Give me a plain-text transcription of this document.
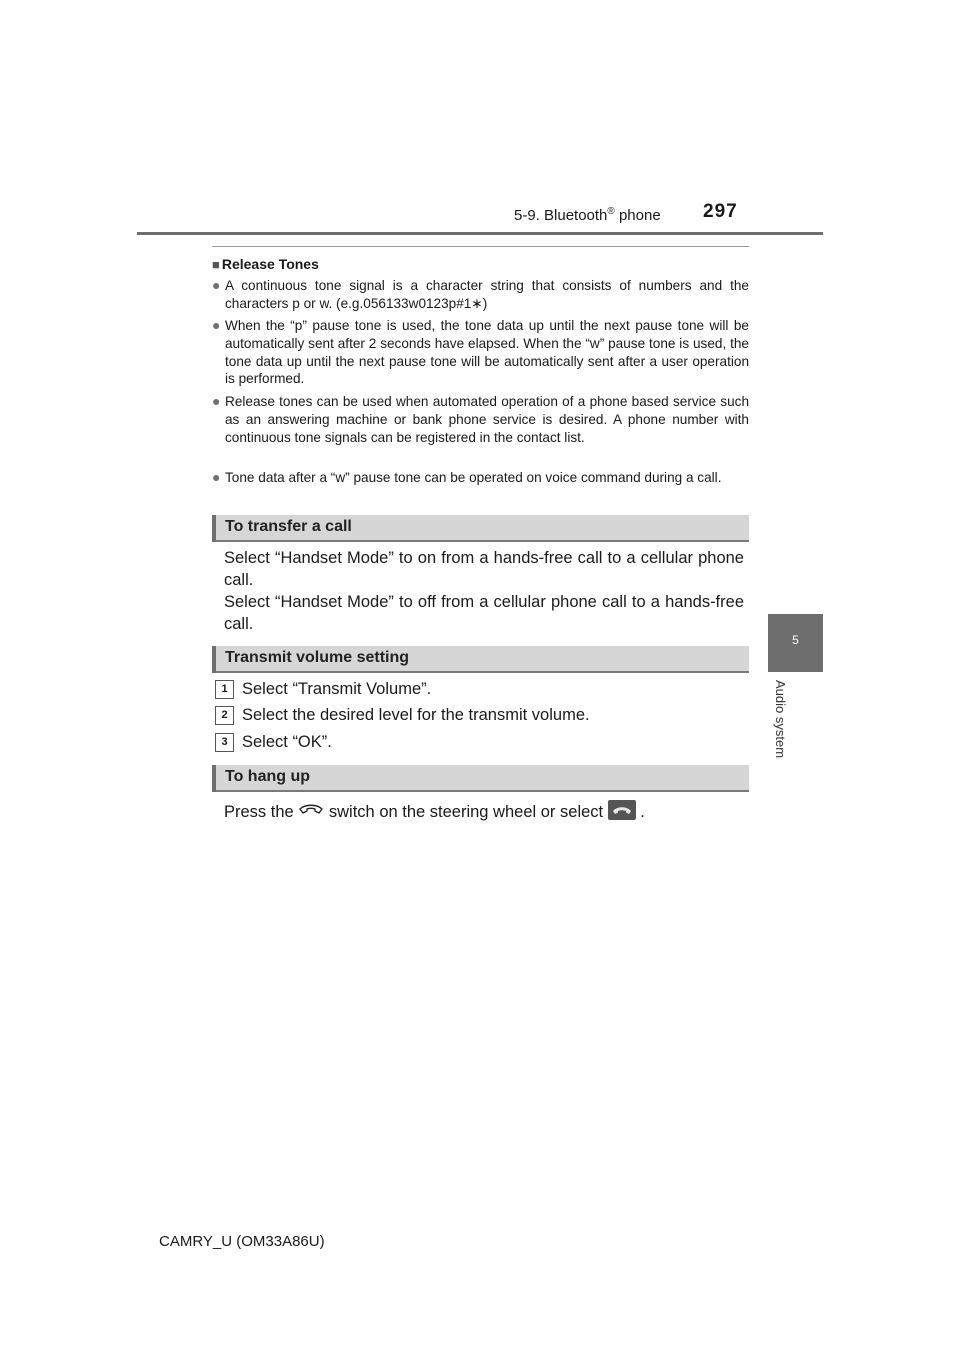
5-9. Bluetooth® phone 297
5
Audio system
■ Release Tones
● A continuous tone signal is a character string that consists of numbers and the characters p or w. (e.g.056133w0123p#1∗)
● When the “p” pause tone is used, the tone data up until the next pause tone will be automatically sent after 2 seconds have elapsed. When the “w” pause tone is used, the tone data up until the next pause tone will be automatically sent after a user operation is performed.
● Release tones can be used when automated operation of a phone based service such as an answering machine or bank phone service is desired. A phone number with continuous tone signals can be registered in the contact list.
● Tone data after a “w” pause tone can be operated on voice command during a call.
To transfer a call
Select “Handset Mode” to on from a hands-free call to a cellular phone call.
Select “Handset Mode” to off from a cellular phone call to a hands-free call.
Transmit volume setting
1 Select “Transmit Volume”.
2 Select the desired level for the transmit volume.
3 Select “OK”.
To hang up
Press the  switch on the steering wheel or select  .
CAMRY_U (OM33A86U)
